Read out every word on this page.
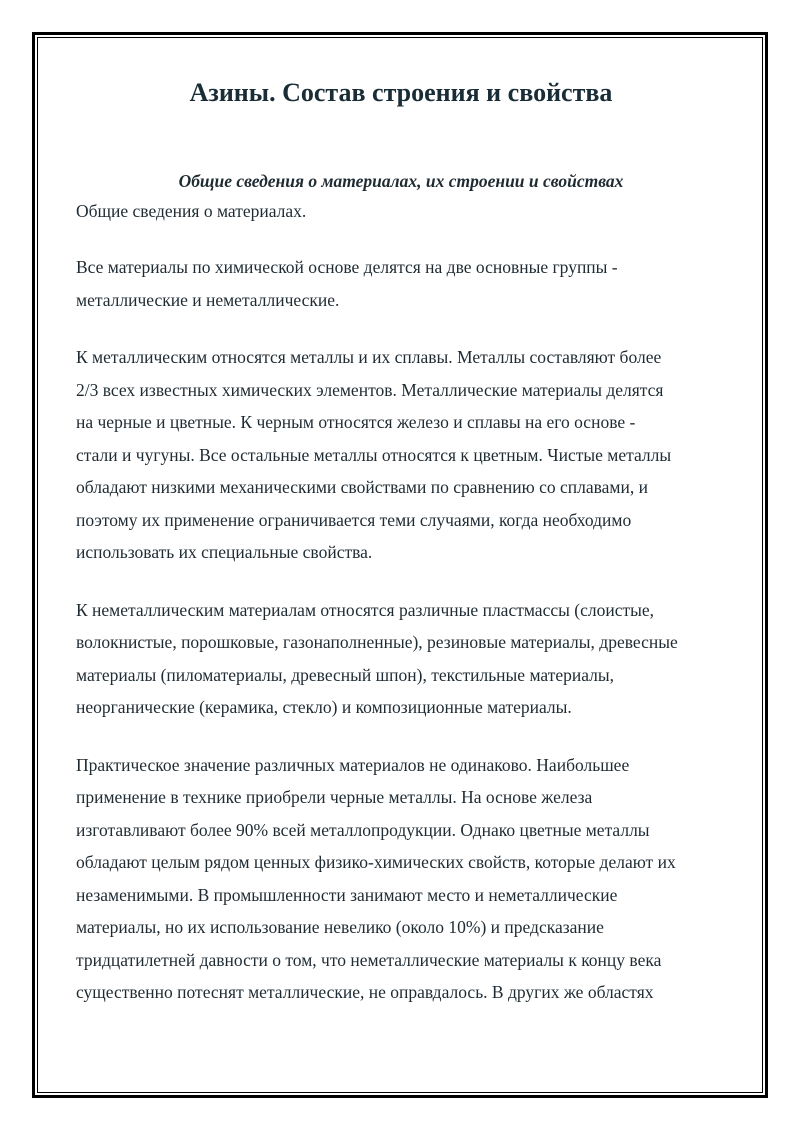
Азины. Состав строения и свойства

Общие сведения о материалах, их строении и свойствах

Общие сведения о материалах.

Все материалы по химической основе делятся на две основные группы -
металлические и неметаллические.

К металлическим относятся металлы и их сплавы. Металлы составляют более
2/3 всех известных химических элементов. Металлические материалы делятся
на черные и цветные. К черным относятся железо и сплавы на его основе -
стали и чугуны. Все остальные металлы относятся к цветным. Чистые металлы
обладают низкими механическими свойствами по сравнению со сплавами, и
поэтому их применение ограничивается теми случаями, когда необходимо
использовать их специальные свойства.

К неметаллическим материалам относятся различные пластмассы (слоистые,
волокнистые, порошковые, газонаполненные), резиновые материалы, древесные
материалы (пиломатериалы, древесный шпон), текстильные материалы,
неорганические (керамика, стекло) и композиционные материалы.

Практическое значение различных материалов не одинаково. Наибольшее
применение в технике приобрели черные металлы. На основе железа
изготавливают более 90% всей металлопродукции. Однако цветные металлы
обладают целым рядом ценных физико-химических свойств, которые делают их
незаменимыми. В промышленности занимают место и неметаллические
материалы, но их использование невелико (около 10%) и предсказание
тридцатилетней давности о том, что неметаллические материалы к концу века
существенно потеснят металлические, не оправдалось. В других же областях
